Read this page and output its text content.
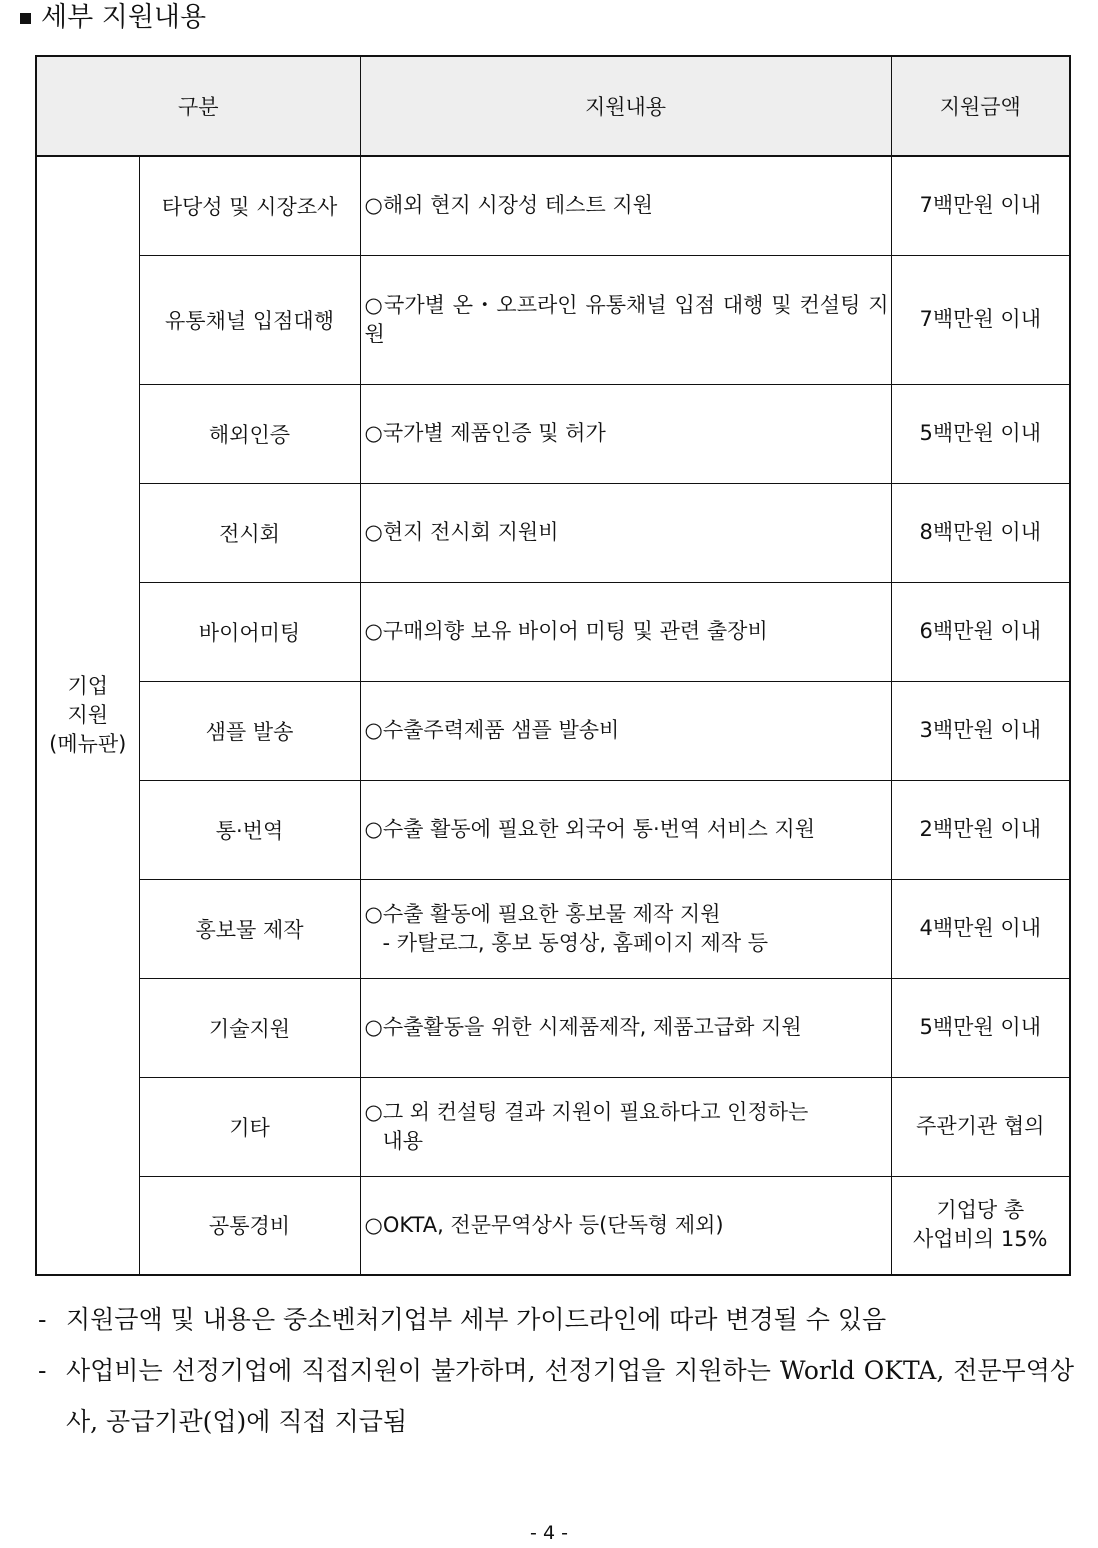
세부 지원내용
구분		지원내용	지원금액

기업
지원
(메뉴판)	타당성 및 시장조사	○해외 현지 시장성 테스트 지원	7백만원 이내

	유통채널 입점대행	○국가별 온・오프라인 유통채널 입점 대행 및 컨설팅 지원	7백만원 이내

	해외인증	○국가별 제품인증 및 허가	5백만원 이내

	전시회	○현지 전시회 지원비	8백만원 이내

	바이어미팅	○구매의향 보유 바이어 미팅 및 관련 출장비	6백만원 이내

	샘플 발송	○수출주력제품 샘플 발송비	3백만원 이내

	통·번역	○수출 활동에 필요한 외국어 통·번역 서비스 지원	2백만원 이내

	홍보물 제작	○수출 활동에 필요한 홍보물 제작 지원
- 카탈로그, 홍보 동영상, 홈페이지 제작 등	4백만원 이내

	기술지원	○수출활동을 위한 시제품제작, 제품고급화 지원	5백만원 이내

	기타	○그 외 컨설팅 결과 지원이 필요하다고 인정하는
내용	주관기관 협의

	공통경비	○OKTA, 전문무역상사 등(단독형 제외)	기업당 총
사업비의 15%
- 지원금액 및 내용은 중소벤처기업부 세부 가이드라인에 따라 변경될 수 있음
- 사업비는 선정기업에 직접지원이 불가하며, 선정기업을 지원하는 World OKTA, 전문무역상사, 공급기관(업)에 직접 지급됨
- 4 -
